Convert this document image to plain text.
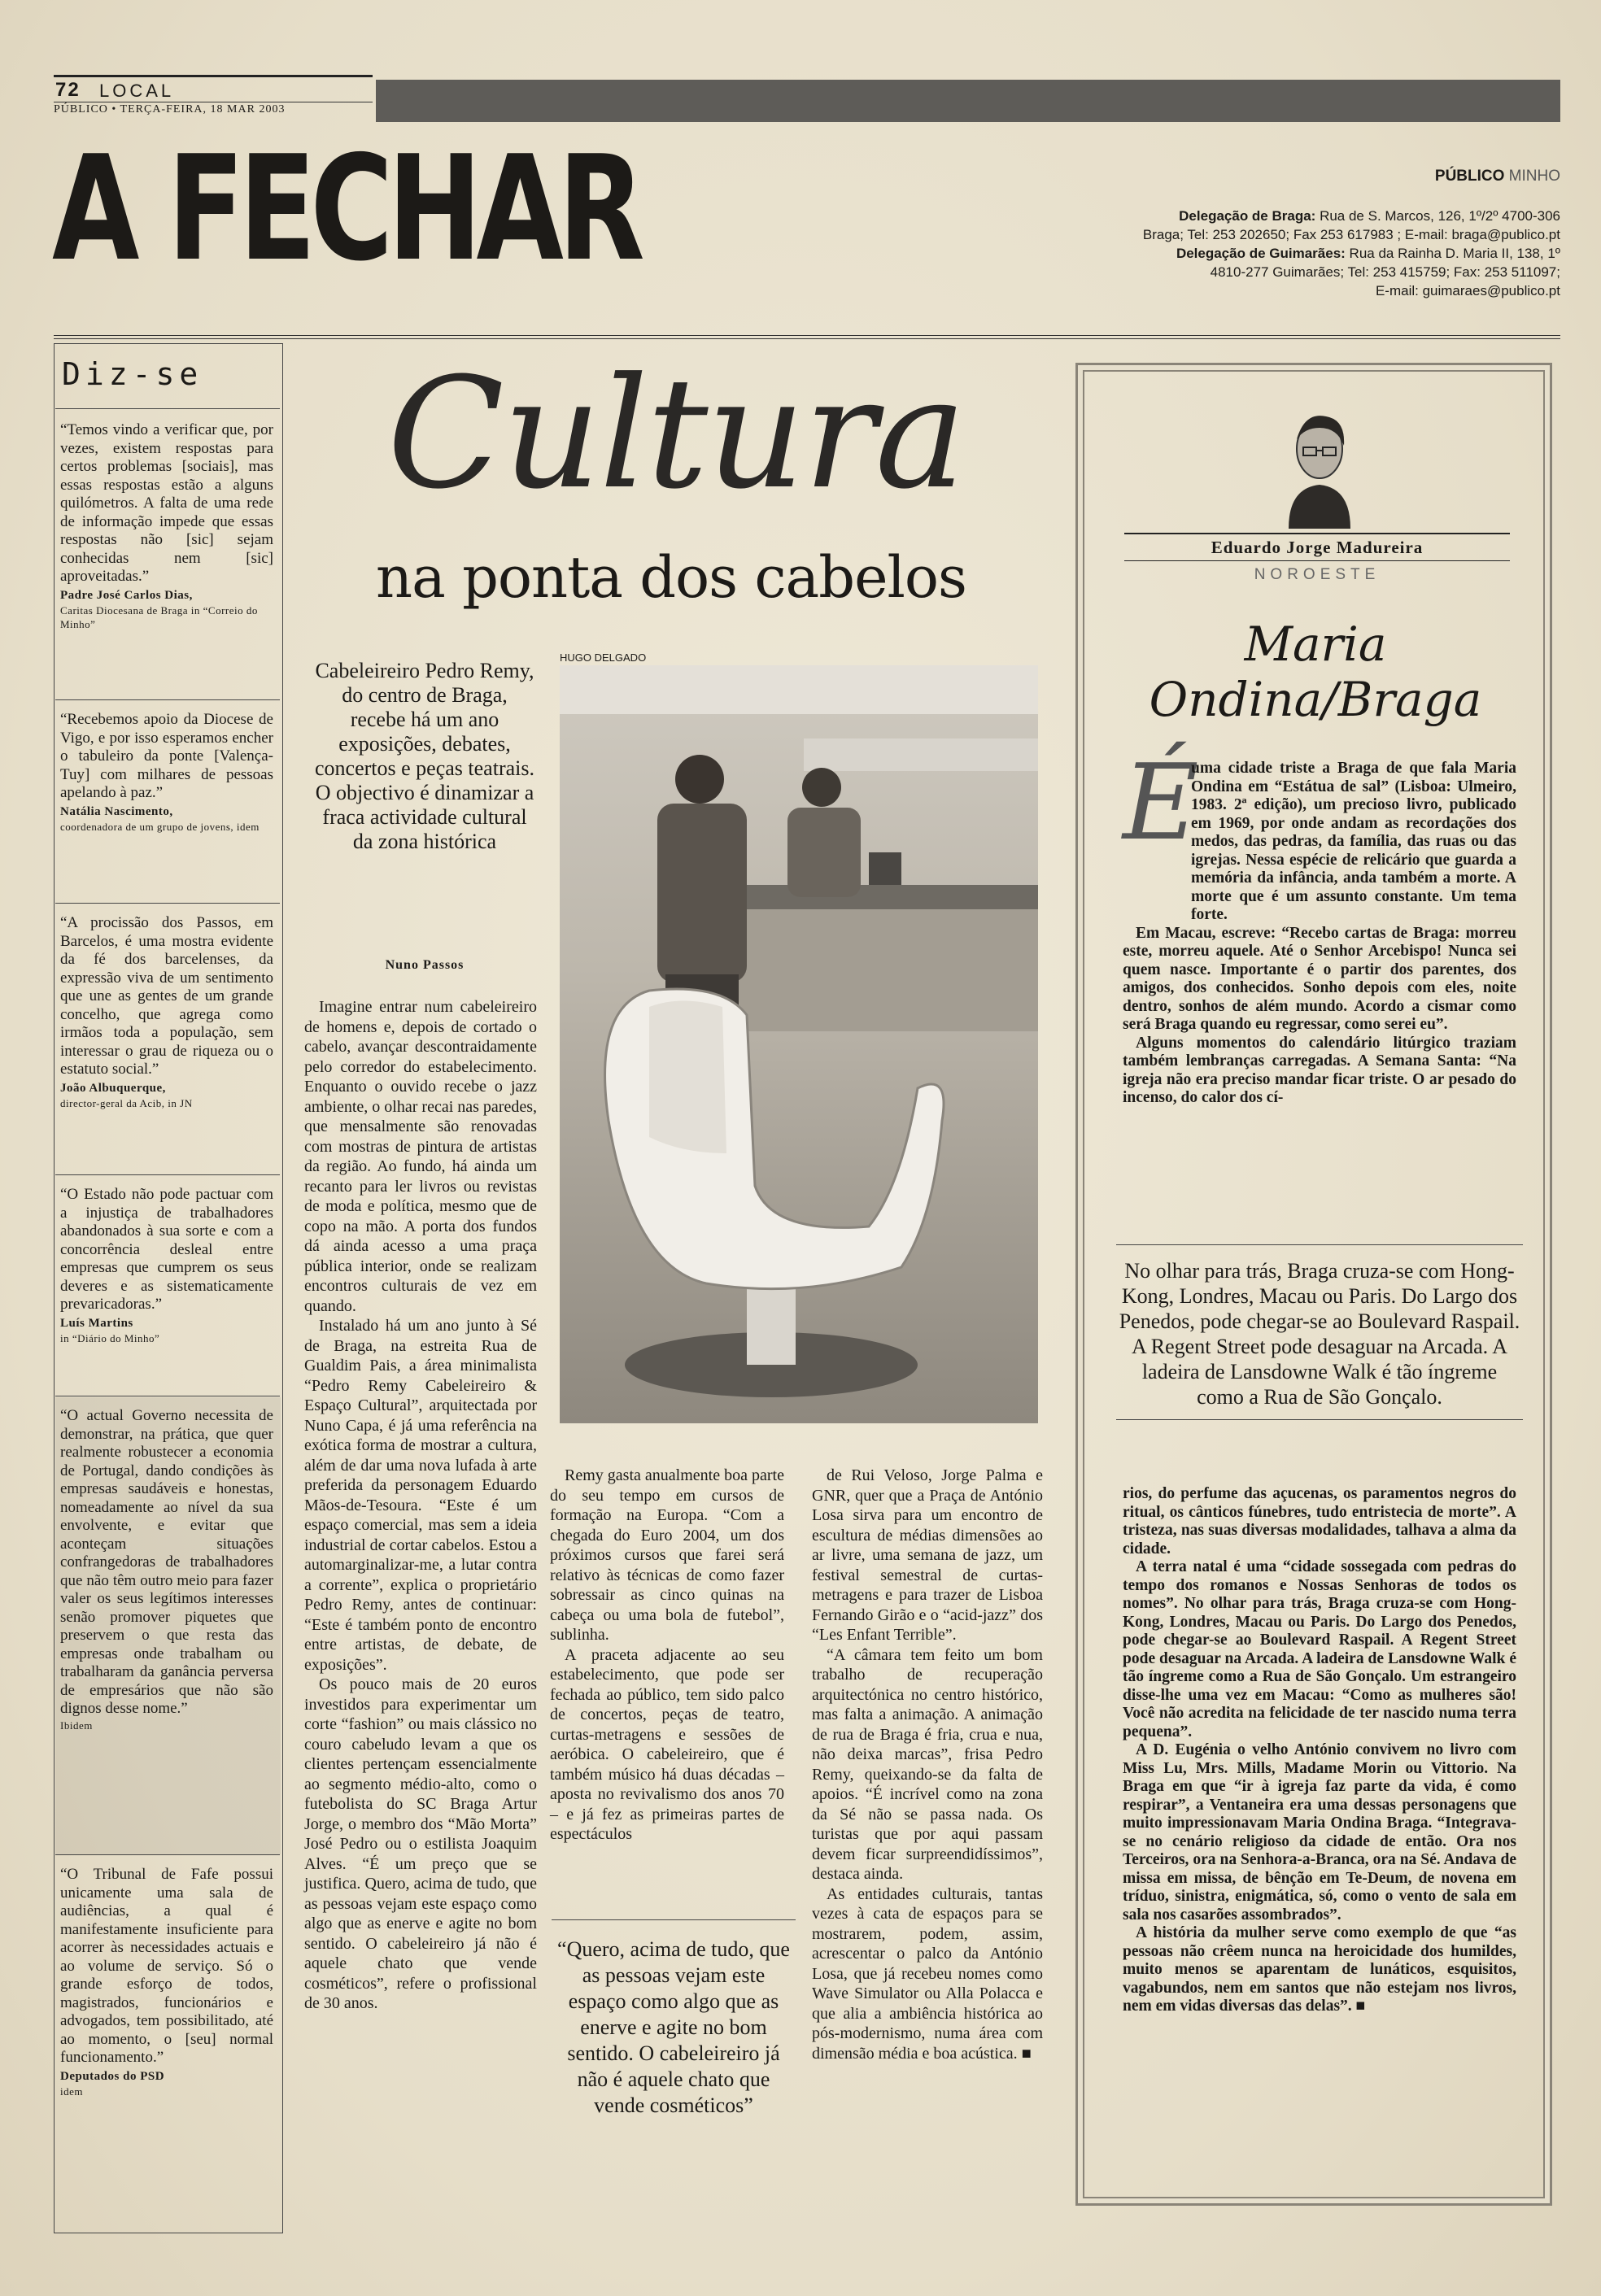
72 LOCAL
PÚBLICO • TERÇA-FEIRA, 18 MAR 2003
A FECHAR	PÚBLICO MINHO
Delegação de Braga: Rua de S. Marcos, 126, 1º/2º 4700-306
Braga; Tel: 253 202650; Fax 253 617983 ; E-mail: braga@publico.pt
Delegação de Guimarães: Rua da Rainha D. Maria II, 138, 1º
4810-277 Guimarães; Tel: 253 415759; Fax: 253 511097;
E-mail: guimaraes@publico.pt
Diz-se
“Temos vindo a verificar que, por vezes, existem respostas para certos problemas [sociais], mas essas respostas estão a alguns quilómetros. A falta de uma rede de informação impede que essas respostas não [sic] sejam conhecidas nem [sic] aproveitadas.”
Padre José Carlos Dias,
Caritas Diocesana de Braga in “Correio do Minho”
“Recebemos apoio da Diocese de Vigo, e por isso esperamos encher o tabuleiro da ponte [Valença-Tuy] com milhares de pessoas apelando à paz.”
Natália Nascimento,
coordenadora de um grupo de jovens, idem
“A procissão dos Passos, em Barcelos, é uma mostra evidente da fé dos barcelenses, da expressão viva de um sentimento que une as gentes de um grande concelho, que agrega como irmãos toda a população, sem interessar o grau de riqueza ou o estatuto social.”
João Albuquerque,
director-geral da Acib, in JN
“O Estado não pode pactuar com a injustiça de trabalhadores abandonados à sua sorte e com a concorrência desleal entre empresas que cumprem os seus deveres e as sistematicamente prevaricadoras.”
Luís Martins
in “Diário do Minho”
“O actual Governo necessita de demonstrar, na prática, que quer realmente robustecer a economia de Portugal, dando condições às empresas saudáveis e honestas, nomeadamente ao nível da sua envolvente, e evitar que aconteçam situações confrangedoras de trabalhadores que não têm outro meio para fazer valer os seus legítimos interesses senão promover piquetes que preservem o que resta das empresas onde trabalham ou trabalharam da ganância perversa de empresários que não são dignos desse nome.”
Ibidem
“O Tribunal de Fafe possui unicamente uma sala de audiências, a qual é manifestamente insuficiente para acorrer às necessidades actuais e ao volume de serviço. Só o grande esforço de todos, magistrados, funcionários e advogados, tem possibilitado, até ao momento, o [seu] normal funcionamento.”
Deputados do PSD
idem
Cultura
na ponta dos cabelos
HUGO DELGADO
Cabeleireiro Pedro Remy, do centro de Braga, recebe há um ano exposições, debates, concertos e peças teatrais. O objectivo é dinamizar a fraca actividade cultural da zona histórica
Nuno Passos

Imagine entrar num cabeleireiro de homens e, depois de cortado o cabelo, avançar descontraidamente pelo corredor do estabelecimento. Enquanto o ouvido recebe o jazz ambiente, o olhar recai nas paredes, que mensalmente são renovadas com mostras de pintura de artistas da região. Ao fundo, há ainda um recanto para ler livros ou revistas de moda e política, mesmo que de copo na mão. A porta dos fundos dá ainda acesso a uma praça pública interior, onde se realizam encontros culturais de vez em quando.

Instalado há um ano junto à Sé de Braga, na estreita Rua de Gualdim Pais, a área minimalista “Pedro Remy Cabeleireiro & Espaço Cultural”, arquitectada por Nuno Capa, é já uma referência na exótica forma de mostrar a cultura, além de dar uma nova lufada à arte preferida da personagem Eduardo Mãos-de-Tesoura. “Este é um espaço comercial, mas sem a ideia industrial de cortar cabelos. Estou a automarginalizar-me, a lutar contra a corrente”, explica o proprietário Pedro Remy, antes de continuar: “Este é também ponto de encontro entre artistas, de debate, de exposições”.

Os pouco mais de 20 euros investidos para experimentar um corte “fashion” ou mais clássico no couro cabeludo levam a que os clientes pertençam essencialmente ao segmento médio-alto, como o futebolista do SC Braga Artur Jorge, o membro dos “Mão Morta” José Pedro ou o estilista Joaquim Alves. “É um preço que se justifica. Quero, acima de tudo, que as pessoas vejam este espaço como algo que as enerve e agite no bom sentido. O cabeleireiro já não é aquele chato que vende cosméticos”, refere o profissional de 30 anos.

Remy gasta anualmente boa parte do seu tempo em cursos de formação na Europa. “Com a chegada do Euro 2004, um dos próximos cursos que farei será relativo às técnicas de como fazer sobressair as cinco quinas na cabeça ou uma bola de futebol”, sublinha.

A praceta adjacente ao seu estabelecimento, que pode ser fechada ao público, tem sido palco de concertos, peças de teatro, curtas-metragens e sessões de aeróbica. O cabeleireiro, que é também músico há duas décadas – aposta no revivalismo dos anos 70 – e já fez as primeiras partes de espectáculos

“Quero, acima de tudo, que as pessoas vejam este espaço como algo que as enerve e agite no bom sentido. O cabeleireiro já não é aquele chato que vende cosméticos”

de Rui Veloso, Jorge Palma e GNR, quer que a Praça de António Losa sirva para um encontro de escultura de médias dimensões ao ar livre, uma semana de jazz, um festival semestral de curtas-metragens e para trazer de Lisboa Fernando Girão e o “acid-jazz” dos “Les Enfant Terrible”.

“A câmara tem feito um bom trabalho de recuperação arquitectónica no centro histórico, mas falta a animação. A animação de rua de Braga é fria, crua e nua, não deixa marcas”, frisa Pedro Remy, queixando-se da falta de apoios. “É incrível como na zona da Sé não se passa nada. Os turistas que por aqui passam devem ficar surpreendidíssimos”, destaca ainda.

As entidades culturais, tantas vezes à cata de espaços para se mostrarem, podem, assim, acrescentar o palco da António Losa, que já recebeu nomes como Wave Simulator ou Alla Polacca e que alia a ambiência histórica ao pós-modernismo, numa área com dimensão média e boa acústica. ■

Eduardo Jorge Madureira
NOROESTE
Maria
Ondina/Braga
É

uma cidade triste a Braga de que fala Maria Ondina em “Estátua de sal” (Lisboa: Ulmeiro, 1983. 2ª edição), um precioso livro, publicado em 1969, por onde andam as recordações dos medos, das pedras, da família, das ruas ou das igrejas. Nessa espécie de relicário que guarda a memória da infância, anda também a morte. A morte que é um assunto constante. Um tema forte.

Em Macau, escreve: “Recebo cartas de Braga: morreu este, morreu aquele. Até o Senhor Arcebispo! Nunca sei quem nasce. Importante é o partir dos parentes, dos amigos, dos conhecidos. Sonho depois com eles, noite dentro, sonhos de além mundo. Acordo a cismar como será Braga quando eu regressar, como serei eu”.

Alguns momentos do calendário litúrgico traziam também lembranças carregadas. A Semana Santa: “Na igreja não era preciso mandar ficar triste. O ar pesado do incenso, do calor dos cí-

No olhar para trás, Braga cruza-se com Hong-Kong, Londres, Macau ou Paris. Do Largo dos Penedos, pode chegar-se ao Boulevard Raspail. A Regent Street pode desaguar na Arcada. A ladeira de Lansdowne Walk é tão íngreme como a Rua de São Gonçalo.

rios, do perfume das açucenas, os paramentos negros do ritual, os cânticos fúnebres, tudo entristecia de morte”. A tristeza, nas suas diversas modalidades, talhava a alma da cidade.

A terra natal é uma “cidade sossegada com pedras do tempo dos romanos e Nossas Senhoras de todos os nomes”. No olhar para trás, Braga cruza-se com Hong-Kong, Londres, Macau ou Paris. Do Largo dos Penedos, pode chegar-se ao Boulevard Raspail. A Regent Street pode desaguar na Arcada. A ladeira de Lansdowne Walk é tão íngreme como a Rua de São Gonçalo. Um estrangeiro disse-lhe uma vez em Macau: “Como as mulheres são! Você não acredita na felicidade de ter nascido numa terra pequena”.

A D. Eugénia o velho António convivem no livro com Miss Lu, Mrs. Mills, Madame Morin ou Vittorio. Na Braga em que “ir à igreja faz parte da vida, é como respirar”, a Ventaneira era uma dessas personagens que muito impressionavam Maria Ondina Braga. “Integrava-se no cenário religioso da cidade de então. Ora nos Terceiros, ora na Senhora-a-Branca, ora na Sé. Andava de missa em missa, de bênção em Te-Deum, de novena em tríduo, sinistra, enigmática, só, como o vento de sala em sala nos casarões assombrados”.

A história da mulher serve como exemplo de que “as pessoas não crêem nunca na heroicidade dos humildes, muito menos se aparentam de lunáticos, esquisitos, vagabundos, nem em santos que não estejam nos livros, nem em vidas diversas das delas”. ■
